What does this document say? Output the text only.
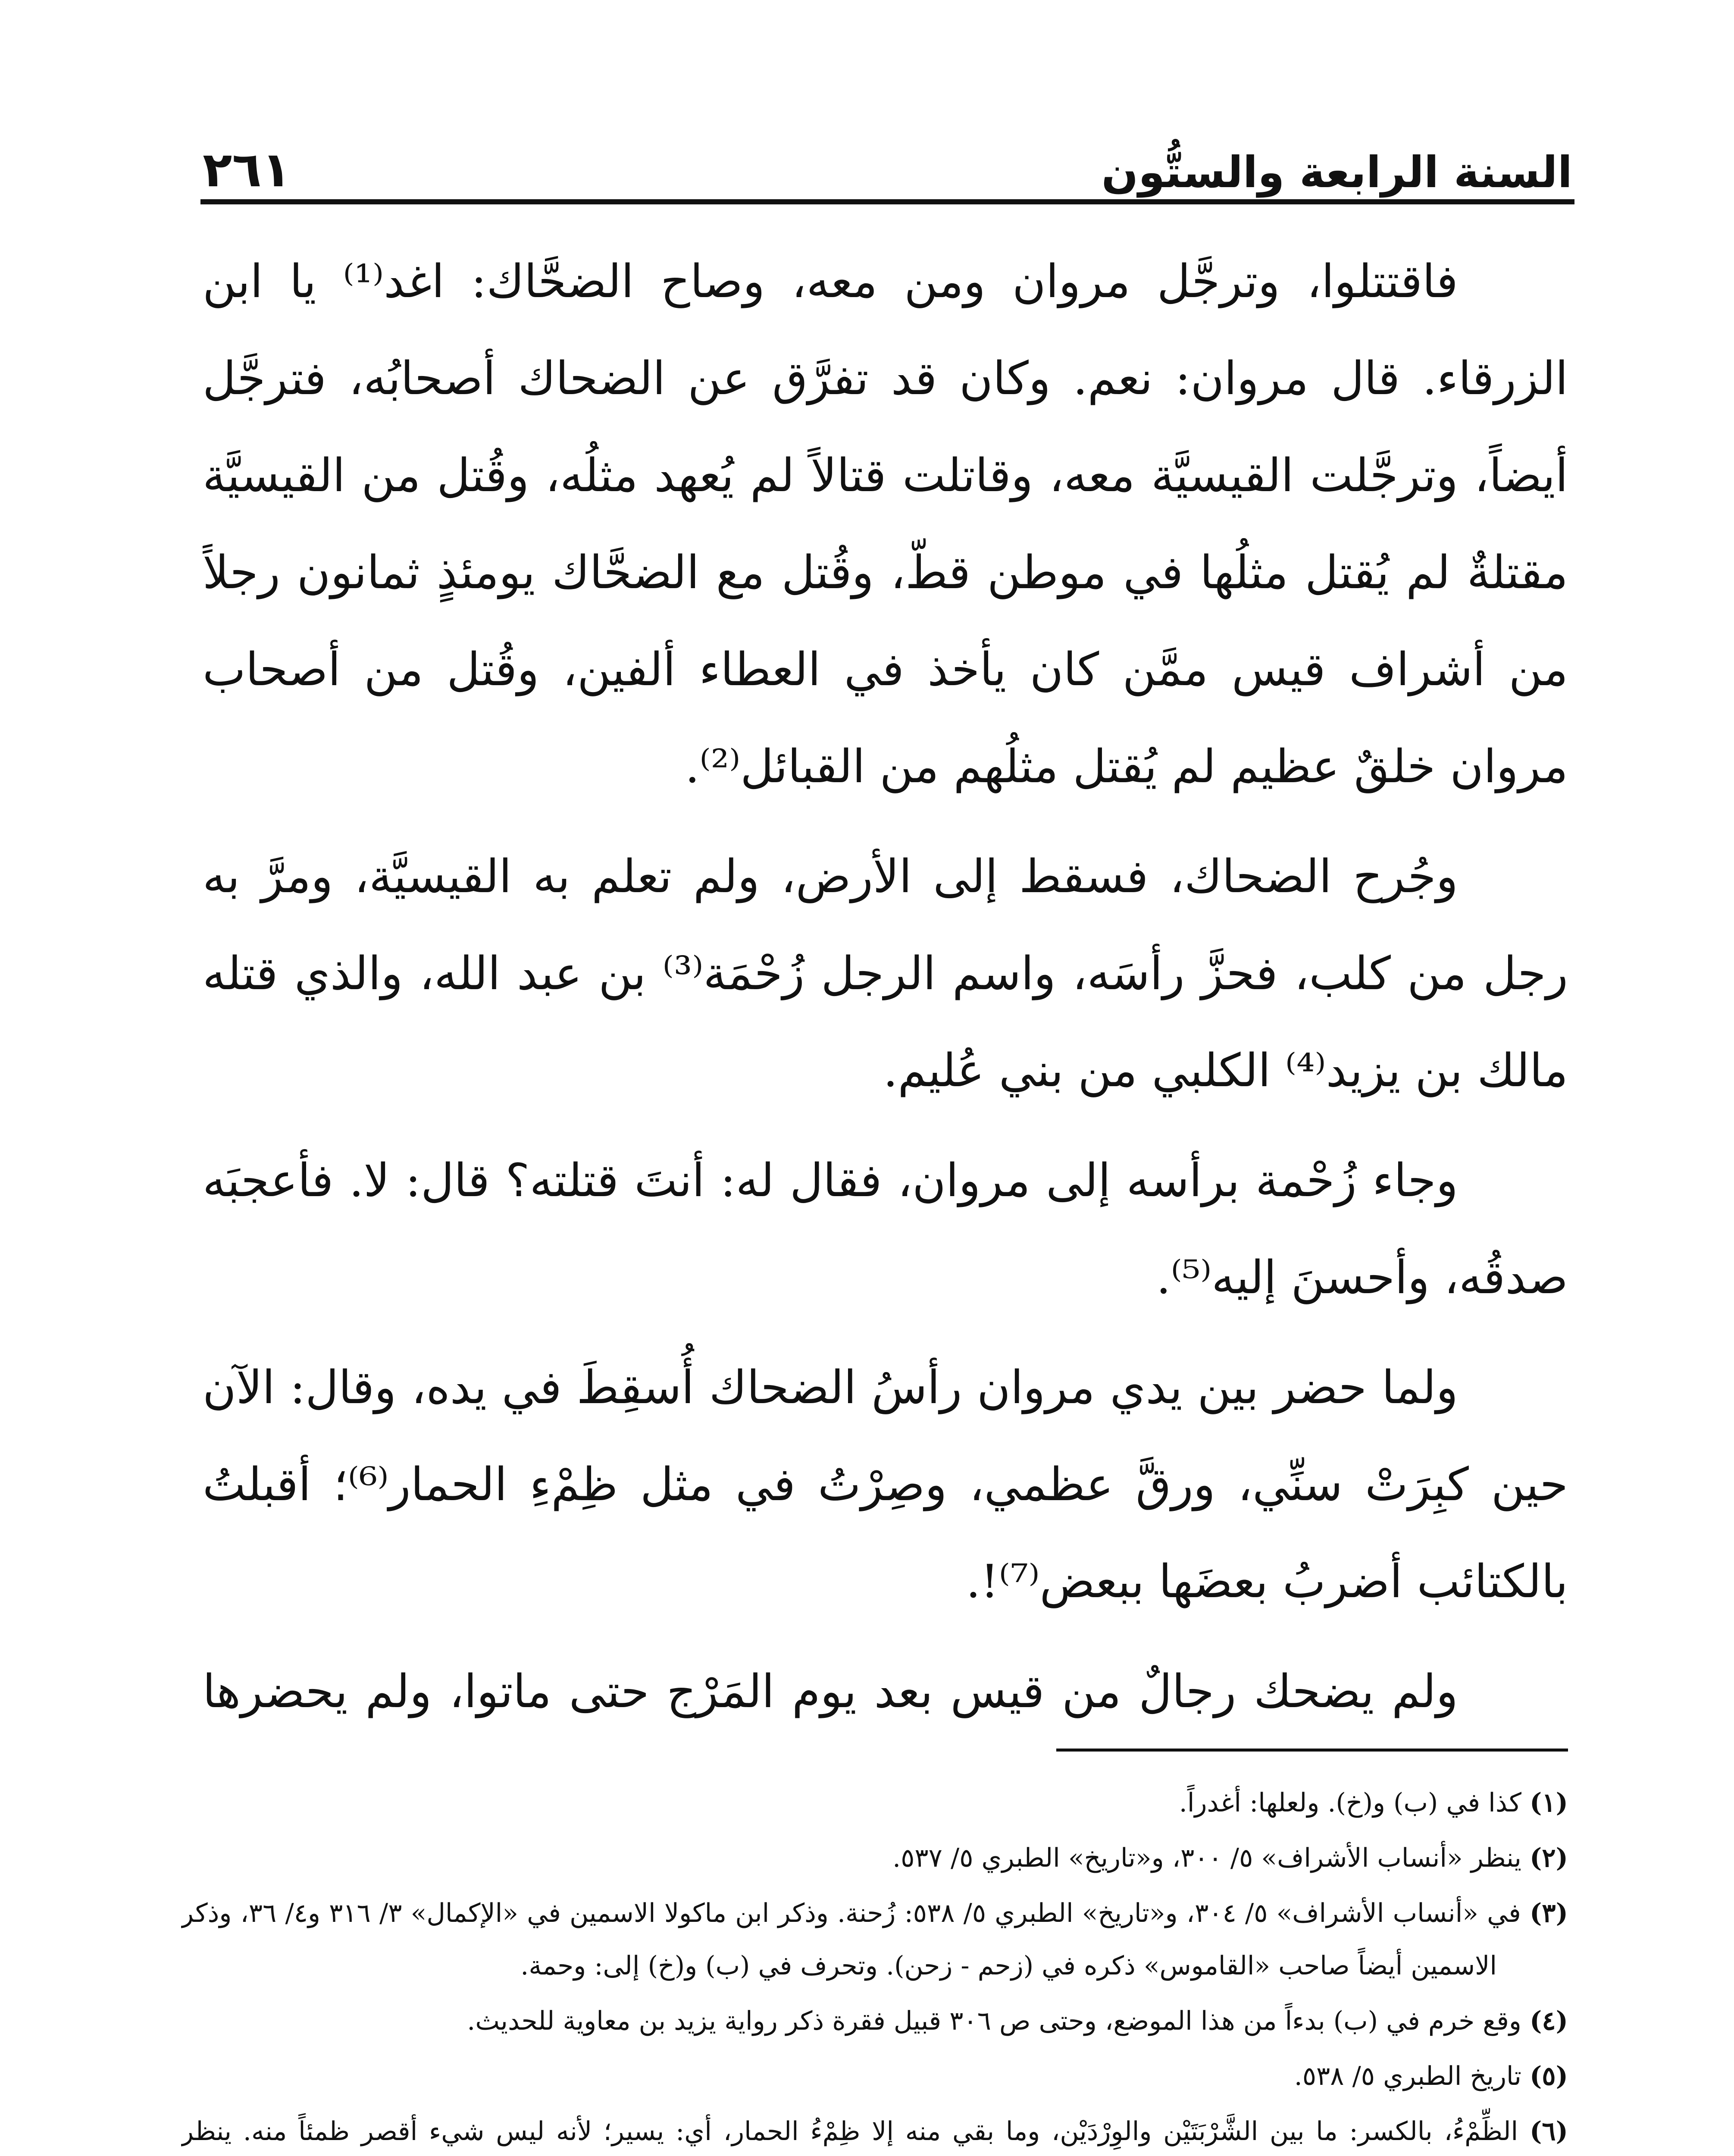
السنة الرابعة والستُّون
٢٦١

فاقتتلوا، وترجَّل مروان ومن معه، وصاح الضحَّاك: اغد⁽¹⁾ يا ابن الزرقاء. قال مروان: نعم. وكان قد تفرَّق عن الضحاك أصحابُه، فترجَّل أيضاً، وترجَّلت القيسيَّة معه، وقاتلت قتالاً لم يُعهد مثلُه، وقُتل من القيسيَّة مقتلةٌ لم يُقتل مثلُها في موطن قطّ، وقُتل مع الضحَّاك يومئذٍ ثمانون رجلاً من أشراف قيس ممَّن كان يأخذ في العطاء ألفين، وقُتل من أصحاب مروان خلقٌ عظيم لم يُقتل مثلُهم من القبائل⁽²⁾.

وجُرح الضحاك، فسقط إلى الأرض، ولم تعلم به القيسيَّة، ومرَّ به رجل من كلب، فحزَّ رأسَه، واسم الرجل زُحْمَة⁽³⁾ بن عبد الله، والذي قتله مالك بن يزيد⁽⁴⁾ الكلبي من بني عُليم.

وجاء زُحْمة برأسه إلى مروان، فقال له: أنتَ قتلته؟ قال: لا. فأعجبَه صدقُه، وأحسنَ إليه⁽⁵⁾.

ولما حضر بين يدي مروان رأسُ الضحاك أُسقِطَ في يده، وقال: الآن حين كبِرَتْ سنِّي، ورقَّ عظمي، وصِرْتُ في مثل ظِمْءِ الحمار⁽⁶⁾؛ أقبلتُ بالكتائب أضربُ بعضَها ببعض⁽⁷⁾!.

ولم يضحك رجالٌ من قيس بعد يوم المَرْج حتى ماتوا، ولم يحضرها

(١) كذا في (ب) و(خ). ولعلها: أغدراً.

(٢) ينظر «أنساب الأشراف» ٥/ ٣٠٠، و«تاريخ» الطبري ٥/ ٥٣٧.

(٣) في «أنساب الأشراف» ٥/ ٣٠٤، و«تاريخ» الطبري ٥/ ٥٣٨: زُحنة. وذكر ابن ماكولا الاسمين في «الإكمال» ٣/ ٣١٦ و٤/ ٣٦، وذكر الاسمين أيضاً صاحب «القاموس» ذكره في (زحم - زحن). وتحرف في (ب) و(خ) إلى: وحمة.

(٤) وقع خرم في (ب) بدءاً من هذا الموضع، وحتى ص ٣٠٦ قبيل فقرة ذكر رواية يزيد بن معاوية للحديث.

(٥) تاريخ الطبري ٥/ ٥٣٨.

(٦) الظِّمْءُ، بالكسر: ما بين الشَّرْبَتَيْن والوِرْدَيْن، وما بقي منه إلا ظِمْءُ الحمار، أي: يسير؛ لأنه ليس شيء أقصر ظمئاً منه. ينظر
